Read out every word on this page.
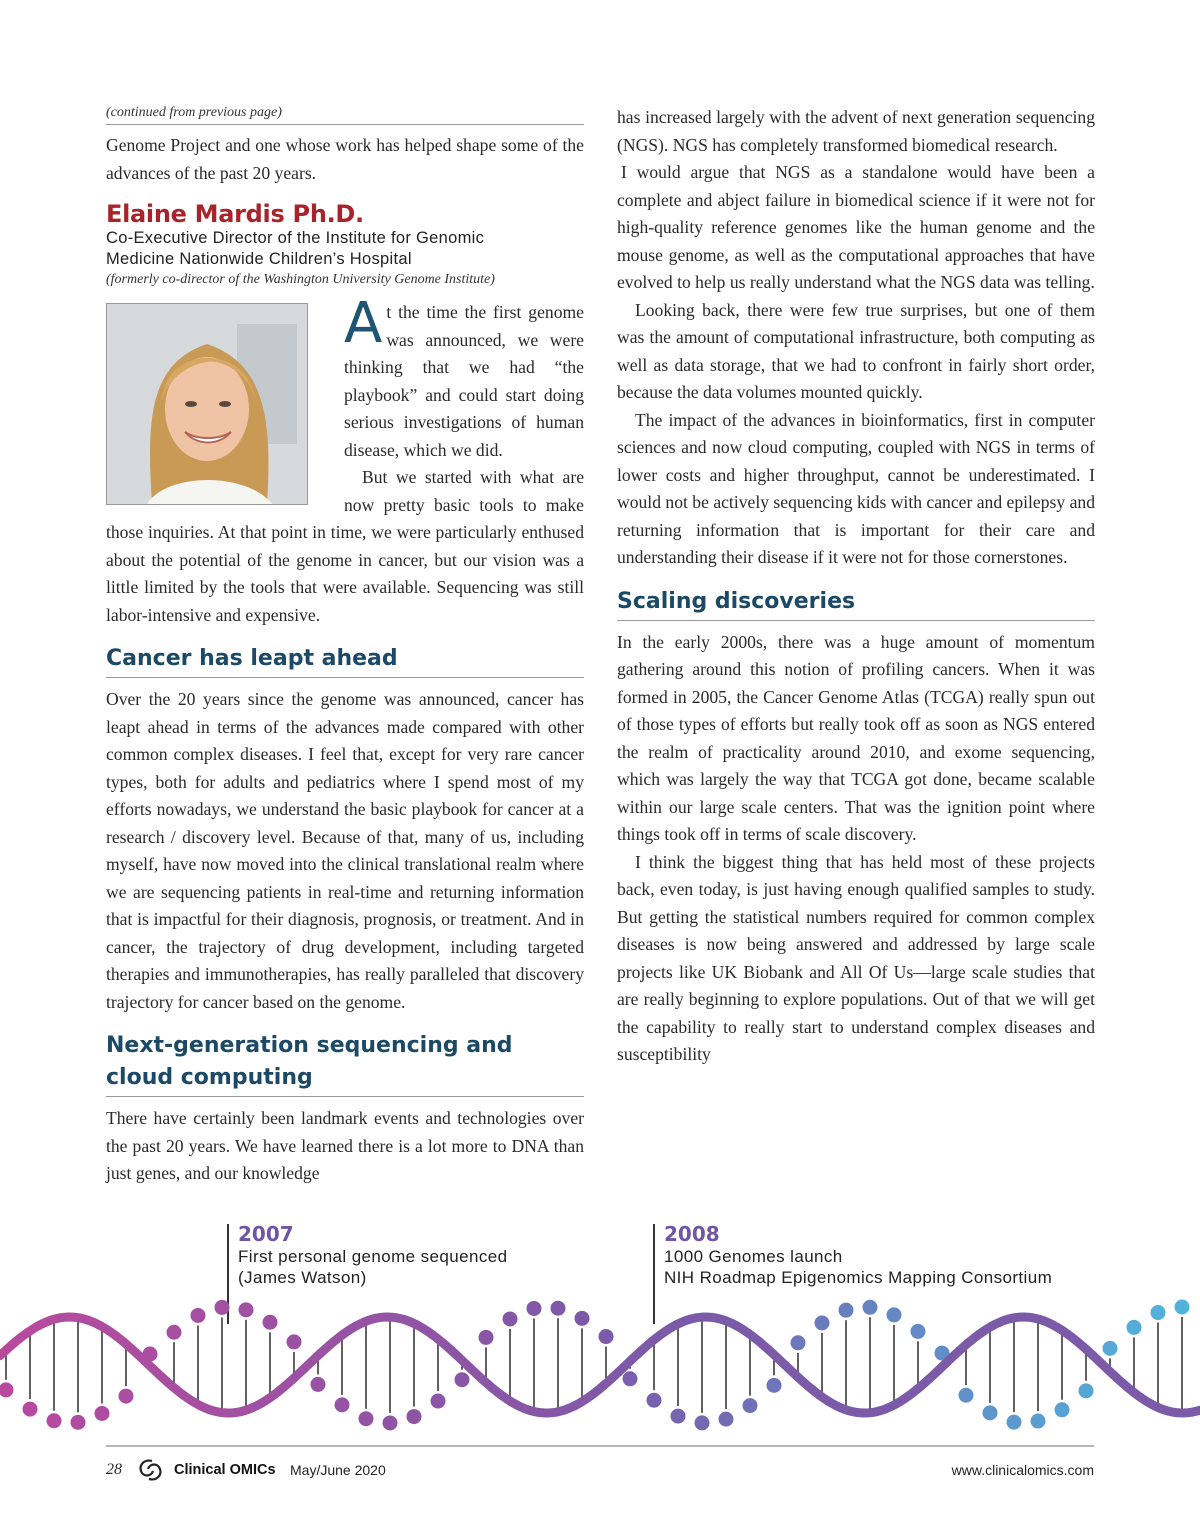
(continued from previous page)

Genome Project and one whose work has helped shape some of the advances of the past 20 years.

Elaine Mardis Ph.D.
Co-Executive Director of the Institute for Genomic
Medicine Nationwide Children’s Hospital
(formerly co-director of the Washington University Genome Institute)

At the time the first genome was announced, we were thinking that we had “the playbook” and could start doing serious investigations of human disease, which we did.

But we started with what are now pretty basic tools to make those inquiries. At that point in time, we were particularly enthused about the potential of the genome in cancer, but our vision was a little limited by the tools that were available. Sequencing was still labor-intensive and expensive.

Cancer has leapt ahead

Over the 20 years since the genome was announced, cancer has leapt ahead in terms of the advances made compared with other common complex diseases. I feel that, except for very rare cancer types, both for adults and pediatrics where I spend most of my efforts nowadays, we understand the basic playbook for cancer at a research / discovery level. Because of that, many of us, including myself, have now moved into the clinical translational realm where we are sequencing patients in real-time and returning information that is impactful for their diagnosis, prognosis, or treatment. And in cancer, the trajectory of drug development, including targeted therapies and immunotherapies, has really paralleled that discovery trajectory for cancer based on the genome.

Next-generation sequencing and cloud computing

There have certainly been landmark events and technologies over the past 20 years. We have learned there is a lot more to DNA than just genes, and our knowledge

has increased largely with the advent of next generation sequencing (NGS). NGS has completely transformed biomedical research.

I would argue that NGS as a standalone would have been a complete and abject failure in biomedical science if it were not for high-quality reference genomes like the human genome and the mouse genome, as well as the computational approaches that have evolved to help us really understand what the NGS data was telling.

Looking back, there were few true surprises, but one of them was the amount of computational infrastructure, both computing as well as data storage, that we had to confront in fairly short order, because the data volumes mounted quickly.

The impact of the advances in bioinformatics, first in computer sciences and now cloud computing, coupled with NGS in terms of lower costs and higher throughput, cannot be underestimated. I would not be actively sequencing kids with cancer and epilepsy and returning information that is important for their care and understanding their disease if it were not for those cornerstones.

Scaling discoveries

In the early 2000s, there was a huge amount of momentum gathering around this notion of profiling cancers. When it was formed in 2005, the Cancer Genome Atlas (TCGA) really spun out of those types of efforts but really took off as soon as NGS entered the realm of practicality around 2010, and exome sequencing, which was largely the way that TCGA got done, became scalable within our large scale centers. That was the ignition point where things took off in terms of scale discovery.

I think the biggest thing that has held most of these projects back, even today, is just having enough qualified samples to study. But getting the statistical numbers required for common complex diseases is now being answered and addressed by large scale projects like UK Biobank and All Of Us—large scale studies that are really beginning to explore populations. Out of that we will get the capability to really start to understand complex diseases and susceptibility

2007
First personal genome sequenced
(James Watson)
2008
1000 Genomes launch
NIH Roadmap Epigenomics Mapping Consortium
28	Clinical OMICs May/June 2020	www.clinicalomics.com
